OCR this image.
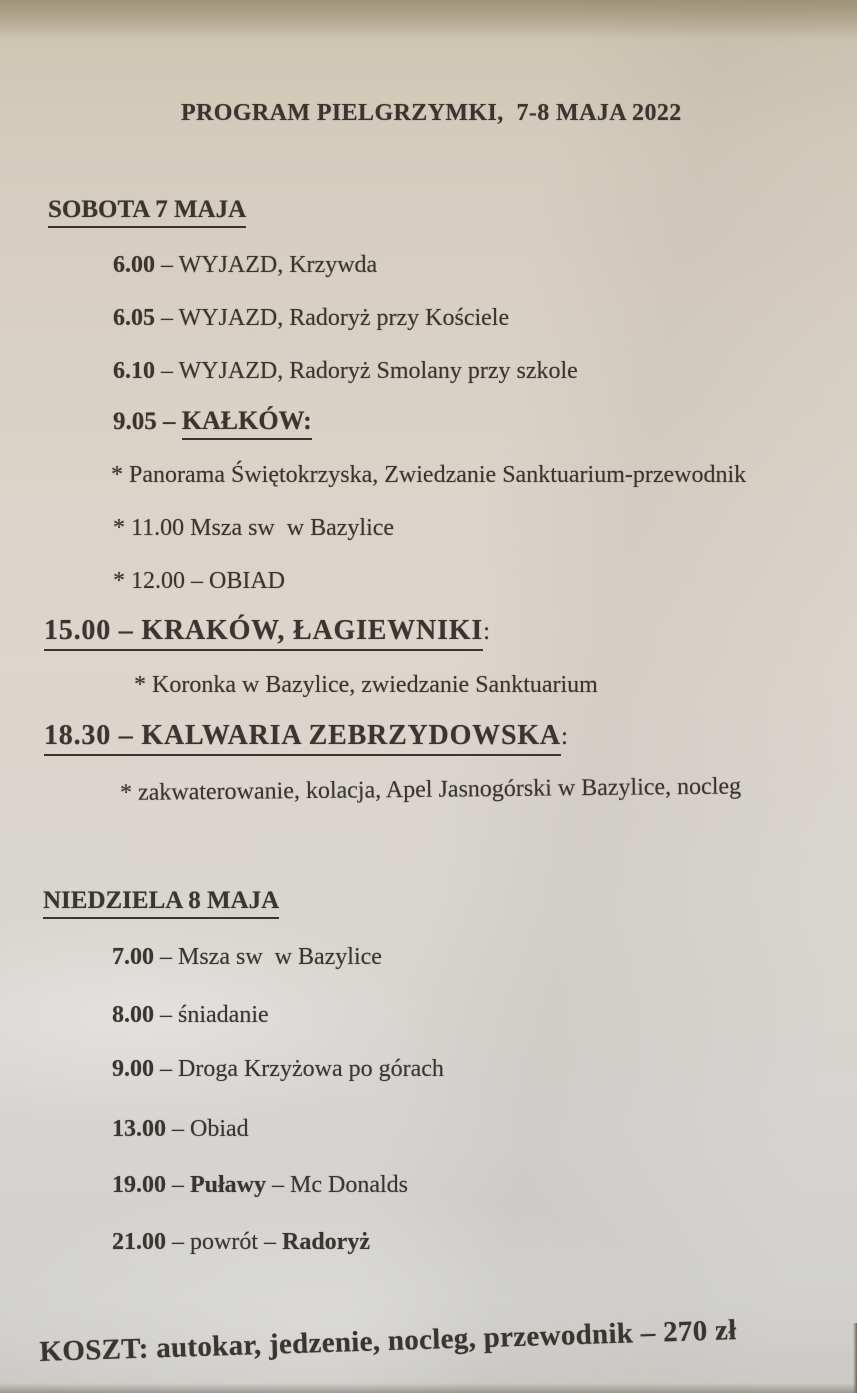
PROGRAM PIELGRZYMKI,  7-8 MAJA 2022
SOBOTA 7 MAJA
6.00 – WYJAZD, Krzywda
6.05 – WYJAZD, Radoryż przy Kościele
6.10 – WYJAZD, Radoryż Smolany przy szkole
9.05 – KAŁKÓW:
* Panorama Świętokrzyska, Zwiedzanie Sanktuarium-przewodnik
* 11.00 Msza sw  w Bazylice
* 12.00 – OBIAD
15.00 – KRAKÓW, ŁAGIEWNIKI:
* Koronka w Bazylice, zwiedzanie Sanktuarium
18.30 – KALWARIA ZEBRZYDOWSKA:
* zakwaterowanie, kolacja, Apel Jasnogórski w Bazylice, nocleg
NIEDZIELA 8 MAJA
7.00 – Msza sw  w Bazylice
8.00 – śniadanie
9.00 – Droga Krzyżowa po górach
13.00 – Obiad
19.00 – Puławy – Mc Donalds
21.00 – powrót – Radoryż
KOSZT: autokar, jedzenie, nocleg, przewodnik – 270 zł
